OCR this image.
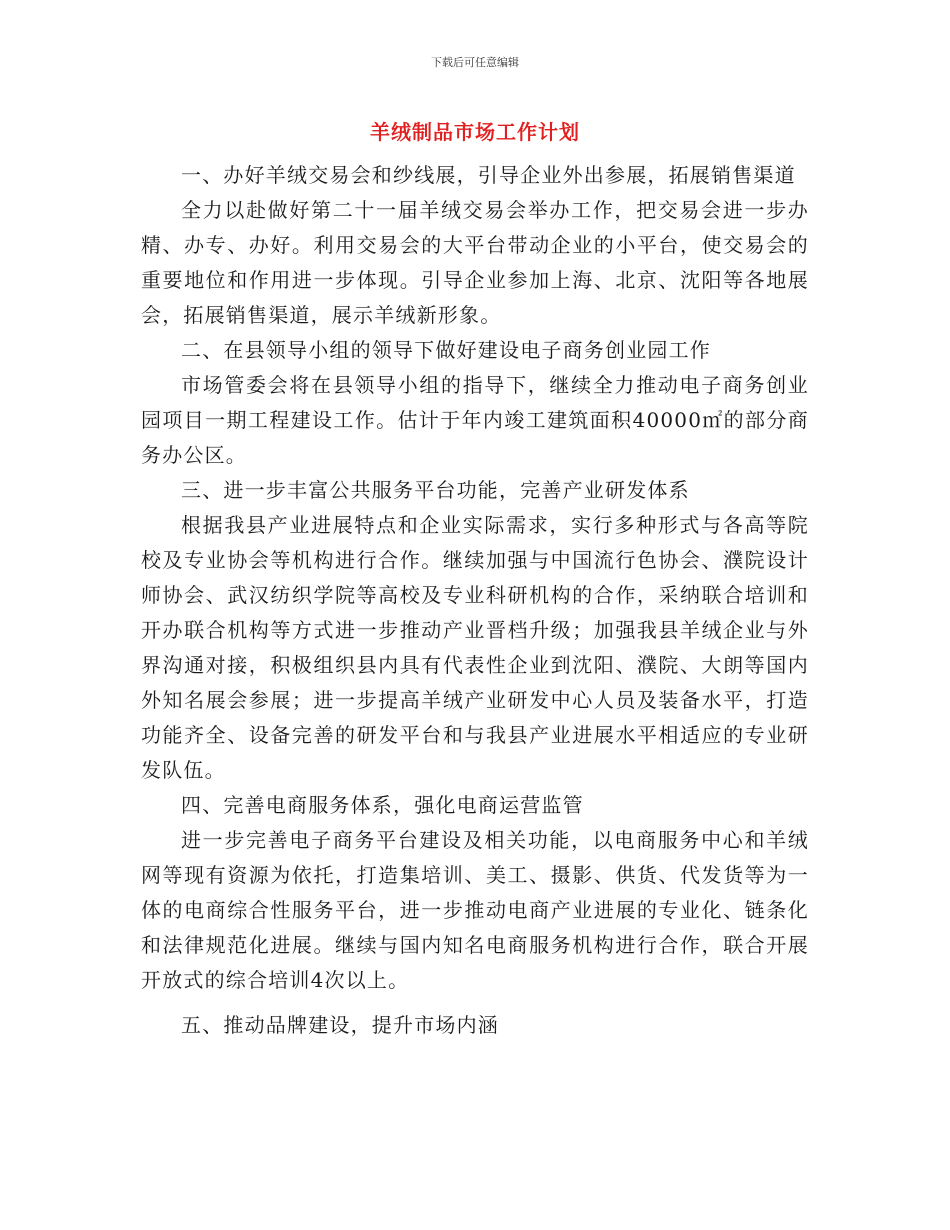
下载后可任意编辑
羊绒制品市场工作计划

一、办好羊绒交易会和纱线展，引导企业外出参展，拓展销售渠道

全力以赴做好第二十一届羊绒交易会举办工作，把交易会进一步办精、办专、办好。利用交易会的大平台带动企业的小平台，使交易会的重要地位和作用进一步体现。引导企业参加上海、北京、沈阳等各地展会，拓展销售渠道，展示羊绒新形象。

二、在县领导小组的领导下做好建设电子商务创业园工作

市场管委会将在县领导小组的指导下，继续全力推动电子商务创业园项目一期工程建设工作。估计于年内竣工建筑面积40000㎡的部分商务办公区。

三、进一步丰富公共服务平台功能，完善产业研发体系

根据我县产业进展特点和企业实际需求，实行多种形式与各高等院校及专业协会等机构进行合作。继续加强与中国流行色协会、濮院设计师协会、武汉纺织学院等高校及专业科研机构的合作，采纳联合培训和开办联合机构等方式进一步推动产业晋档升级；加强我县羊绒企业与外界沟通对接，积极组织县内具有代表性企业到沈阳、濮院、大朗等国内外知名展会参展；进一步提高羊绒产业研发中心人员及装备水平，打造功能齐全、设备完善的研发平台和与我县产业进展水平相适应的专业研发队伍。

四、完善电商服务体系，强化电商运营监管

进一步完善电子商务平台建设及相关功能，以电商服务中心和羊绒网等现有资源为依托，打造集培训、美工、摄影、供货、代发货等为一体的电商综合性服务平台，进一步推动电商产业进展的专业化、链条化和法律规范化进展。继续与国内知名电商服务机构进行合作，联合开展开放式的综合培训4次以上。

五、推动品牌建设，提升市场内涵
